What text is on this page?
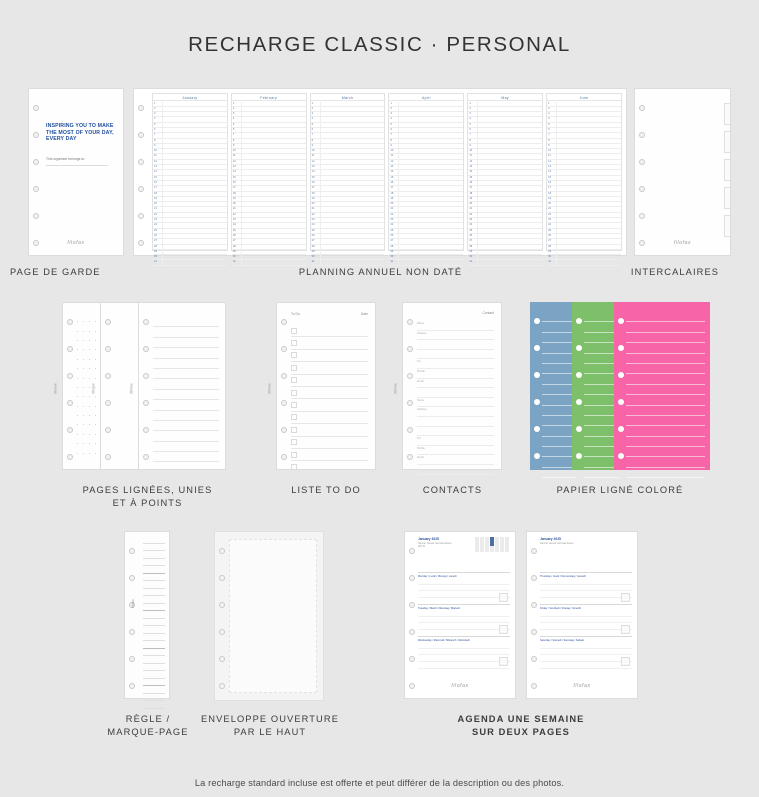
RECHARGE CLASSIC · PERSONAL
INSPIRING YOU TO MAKE THE MOST OF YOUR DAY, EVERY DAY
This organiser belongs to:
filofax
January
1
2
3
4
5
6
7
8
9
10
11
12
13
14
15
16
17
18
19
20
21
22
23
24
25
26
27
28
29
30
31
February
1
2
3
4
5
6
7
8
9
10
11
12
13
14
15
16
17
18
19
20
21
22
23
24
25
26
27
28
29
30
31
March
1
2
3
4
5
6
7
8
9
10
11
12
13
14
15
16
17
18
19
20
21
22
23
24
25
26
27
28
29
30
31
April
1
2
3
4
5
6
7
8
9
10
11
12
13
14
15
16
17
18
19
20
21
22
23
24
25
26
27
28
29
30
31
May
1
2
3
4
5
6
7
8
9
10
11
12
13
14
15
16
17
18
19
20
21
22
23
24
25
26
27
28
29
30
31
June
1
2
3
4
5
6
7
8
9
10
11
12
13
14
15
16
17
18
19
20
21
22
23
24
25
26
27
28
29
30
31
filofax
PAGE DE GARDE	PLANNING ANNUEL NON DATÉ	INTERCALAIRES
filofax	filofax	filofax
To Do	Date
filofax
Contact
Name
Address
Tel
Mobile
Email
Name
Address
Tel
Mobile
Email
filofax
PAGES LIGNÉES, UNIES
ET À POINTS
LISTE TO DO	CONTACTS	PAPIER LIGNÉ COLORÉ
filofax
January 2025
Janvier Januar Gennaio Enero
WK 01
Monday / Lundi / Montag / Lunedì
Tuesday / Mardi / Dienstag / Martedì
Wednesday / Mercredi / Mittwoch / Mercoledì
filofax
January 2025
Janvier Januar Gennaio Enero
Thursday / Jeudi / Donnerstag / Giovedì
Friday / Vendredi / Freitag / Venerdì
Saturday / Samedi / Samstag / Sabato
filofax
RÈGLE /
MARQUE-PAGE
ENVELOPPE OUVERTURE
PAR LE HAUT
AGENDA UNE SEMAINE
SUR DEUX PAGES
La recharge standard incluse est offerte et peut différer de la description ou des photos.
